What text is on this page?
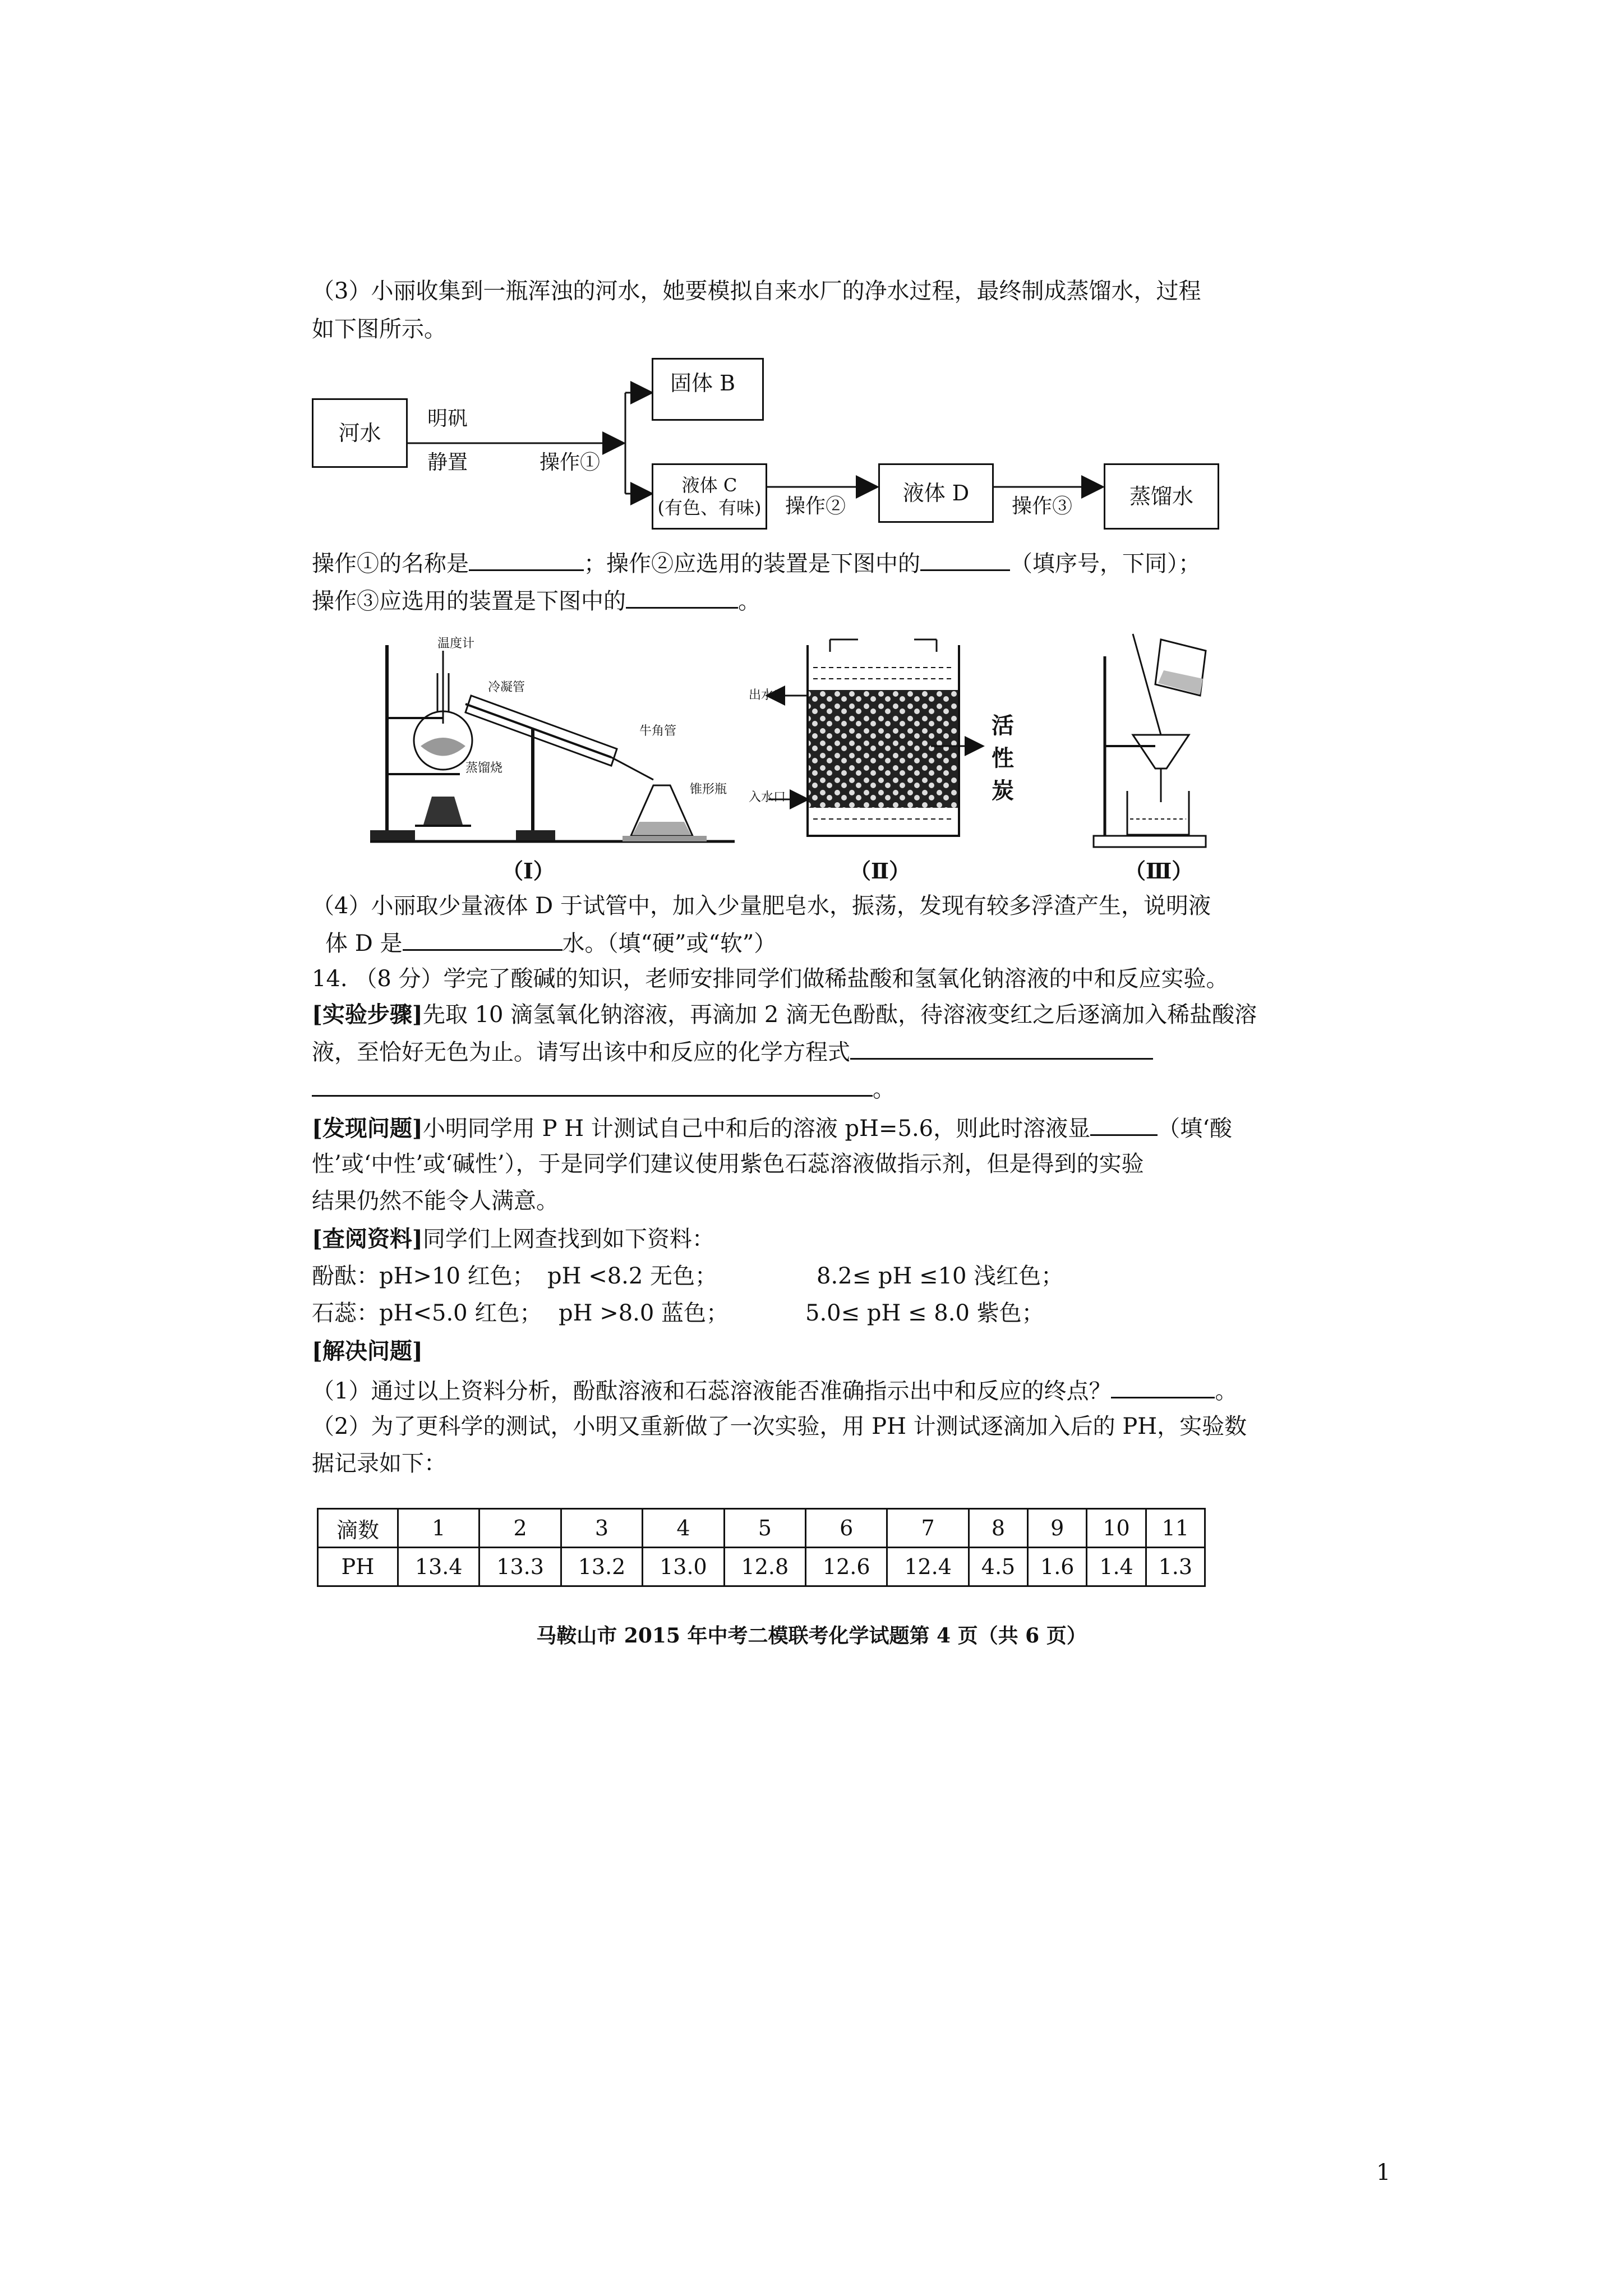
（3）小丽收集到一瓶浑浊的河水，她要模拟自来水厂的净水过程，最终制成蒸馏水，过程
如下图所示。
河水
明矾
静置	操作①
固体 B
液体 C
(有色、有味) 操作②
液体 D
操作③	蒸馏水
操作①的名称是	；操作②应选用的装置是下图中的	（填序号，下同）；
操作③应选用的装置是下图中的	。
温度计
冷凝管
蒸馏烧
牛角管
锥形瓶
（Ⅰ）
出水口
入水口
活
性
炭
（Ⅱ）	（Ⅲ）
（4）小丽取少量液体 D 于试管中，加入少量肥皂水，振荡，发现有较多浮渣产生，说明液
体 D 是	水。（填“硬”或“软”）
14. （8 分）学完了酸碱的知识，老师安排同学们做稀盐酸和氢氧化钠溶液的中和反应实验。
[实验步骤]先取 10 滴氢氧化钠溶液，再滴加 2 滴无色酚酞，待溶液变红之后逐滴加入稀盐酸溶
液，至恰好无色为止。请写出该中和反应的化学方程式
。
[发现问题]小明同学用 P H 计测试自己中和后的溶液 pH=5.6，则此时溶液显	（填‘酸
性’或‘中性’或‘碱性’），于是同学们建议使用紫色石蕊溶液做指示剂，但是得到的实验
结果仍然不能令人满意。
[查阅资料]同学们上网查找到如下资料：
酚酞：pH>10 红色； pH <8.2 无色；	8.2≤ pH ≤10 浅红色；
石蕊：pH<5.0 红色； pH >8.0 蓝色；	5.0≤ pH ≤ 8.0 紫色；
[解决问题]
（1）通过以上资料分析，酚酞溶液和石蕊溶液能否准确指示出中和反应的终点？	。
（2）为了更科学的测试，小明又重新做了一次实验，用 PH 计测试逐滴加入后的 PH，实验数
据记录如下：
滴数	1	2	3	4	5	6	7	8	9	10	11
PH	13.4	13.3	13.2	13.0	12.8	12.6	12.4	4.5	1.6	1.4	1.3
马鞍山市 2015 年中考二模联考化学试题第 4 页（共 6 页）
1
